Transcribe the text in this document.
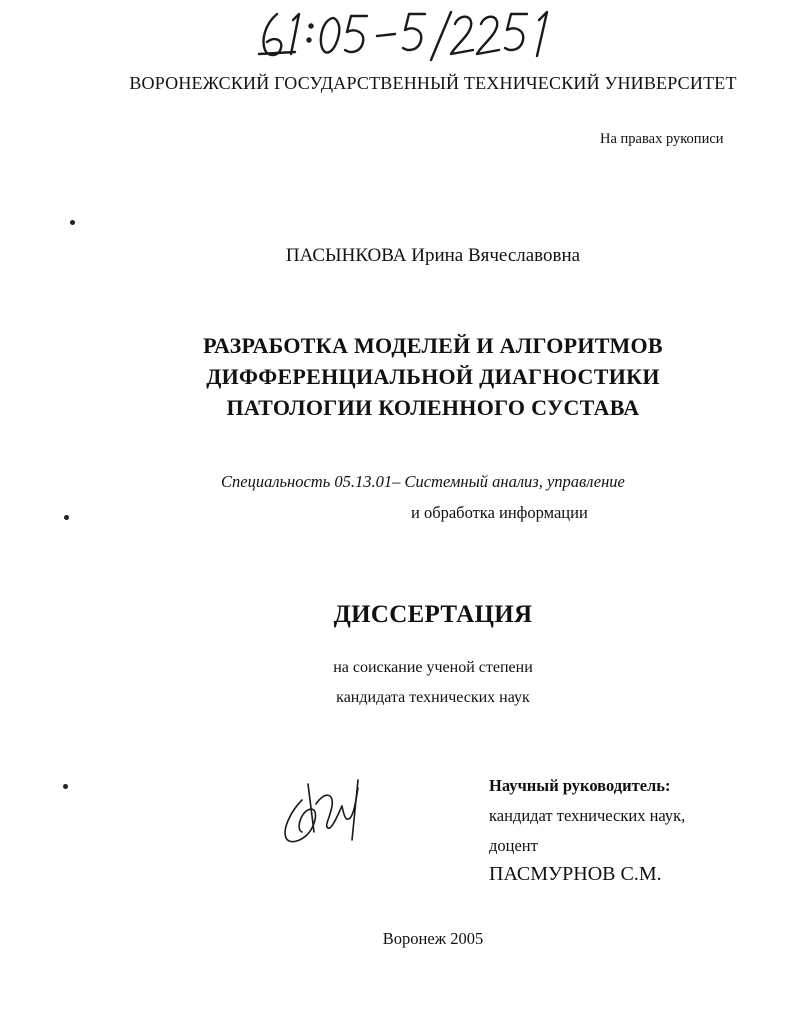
ВОРОНЕЖСКИЙ ГОСУДАРСТВЕННЫЙ ТЕХНИЧЕСКИЙ УНИВЕРСИТЕТ
На правах рукописи
ПАСЫНКОВА Ирина Вячеславовна
РАЗРАБОТКА МОДЕЛЕЙ И АЛГОРИТМОВ
ДИФФЕРЕНЦИАЛЬНОЙ ДИАГНОСТИКИ
ПАТОЛОГИИ КОЛЕННОГО СУСТАВА
Специальность 05.13.01– Системный анализ, управление
и обработка информации
ДИССЕРТАЦИЯ
на соискание ученой степени
кандидата технических наук
Научный руководитель:
кандидат технических наук,
доцент
ПАСМУРНОВ С.М.
Воронеж 2005
